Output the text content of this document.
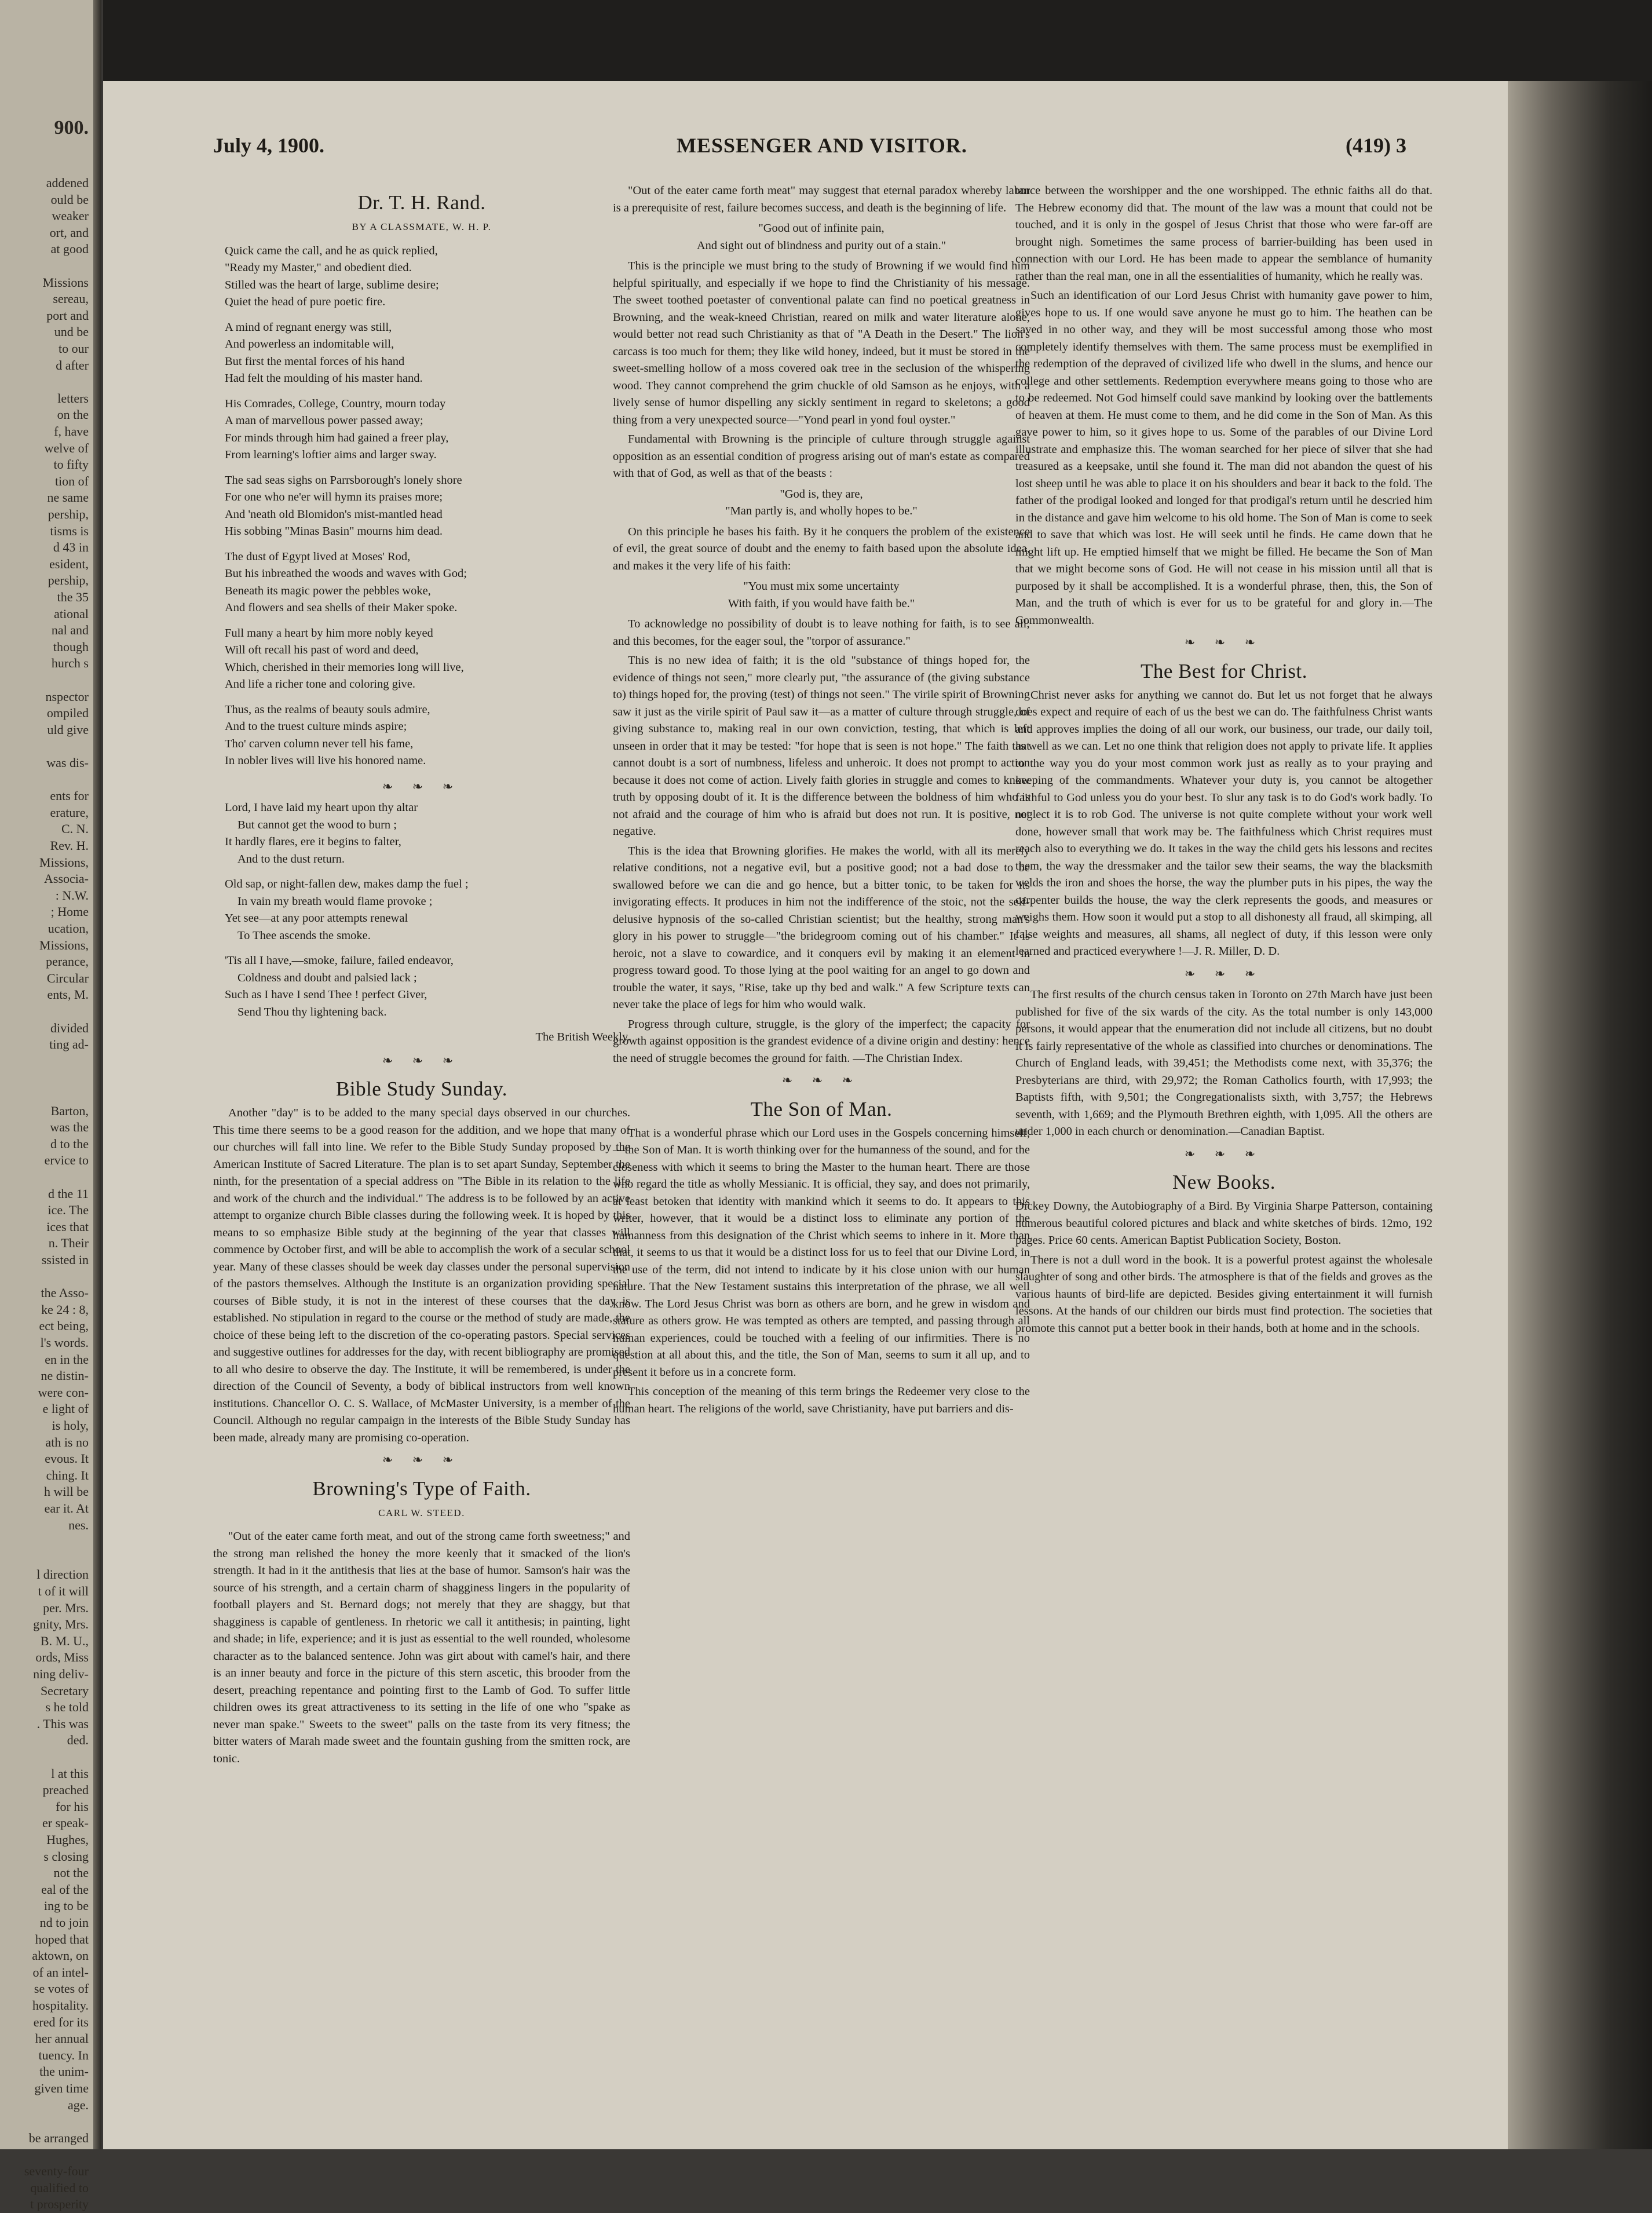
900.
addened
ould be
weaker
ort, and
at good
Missions
sereau,
port and
und be
to our
d after
letters
on the
f, have
welve of
to fifty
tion of
ne same
pership,
tisms is
d 43 in
esident,
pership,
the 35
ational
nal and
though
hurch s
nspector
ompiled
uld give
was dis-
ents for
erature,
C. N.
Rev. H.
Missions,
Associa-
: N.W.
; Home
ucation,
Missions,
perance,
Circular
ents, M.
divided
ting ad-
Barton,
was the
d to the
ervice to
d the 11
ice. The
ices that
n. Their
ssisted in
the Asso-
ke 24 : 8,
ect being,
l's words.
en in the
ne distin-
were con-
e light of
is holy,
ath is no
evous. It
ching. It
h will be
ear it. At
nes.
l direction
t of it will
per. Mrs.
gnity, Mrs.
B. M. U.,
ords, Miss
ning deliv-
Secretary
s he told
. This was
ded.
l at this
preached
for his
er speak-
Hughes,
s closing
not the
eal of the
ing to be
nd to join
hoped that
aktown, on
of an intel-
se votes of
hospitality.
ered for its
her annual
tuency. In
the unim-
given time
age.
be arranged
seventy-four
qualified to
t prosperity
July 4, 1900.	MESSENGER AND VISITOR.	(419) 3
Dr. T. H. Rand.
BY A CLASSMATE, W. H. P.
Quick came the call, and he as quick replied,
"Ready my Master," and obedient died.
Stilled was the heart of large, sublime desire;
Quiet the head of pure poetic fire.
A mind of regnant energy was still,
And powerless an indomitable will,
But first the mental forces of his hand
Had felt the moulding of his master hand.
His Comrades, College, Country, mourn today
A man of marvellous power passed away;
For minds through him had gained a freer play,
From learning's loftier aims and larger sway.
The sad seas sighs on Parrsborough's lonely shore
For one who ne'er will hymn its praises more;
And 'neath old Blomidon's mist-mantled head
His sobbing "Minas Basin" mourns him dead.
The dust of Egypt lived at Moses' Rod,
But his inbreathed the woods and waves with God;
Beneath its magic power the pebbles woke,
And flowers and sea shells of their Maker spoke.
Full many a heart by him more nobly keyed
Will oft recall his past of word and deed,
Which, cherished in their memories long will live,
And life a richer tone and coloring give.
Thus, as the realms of beauty souls admire,
And to the truest culture minds aspire;
Tho' carven column never tell his fame,
In nobler lives will live his honored name.
❧ ❧ ❧
Lord, I have laid my heart upon thy altar
But cannot get the wood to burn ;
It hardly flares, ere it begins to falter,
And to the dust return.
Old sap, or night-fallen dew, makes damp the fuel ;
In vain my breath would flame provoke ;
Yet see—at any poor attempts renewal
To Thee ascends the smoke.
'Tis all I have,—smoke, failure, failed endeavor,
Coldness and doubt and palsied lack ;
Such as I have I send Thee ! perfect Giver,
Send Thou thy lightening back.
The British Weekly.
❧ ❧ ❧
Bible Study Sunday.

Another "day" is to be added to the many special days observed in our churches. This time there seems to be a good reason for the addition, and we hope that many of our churches will fall into line. We refer to the Bible Study Sunday proposed by the American Institute of Sacred Literature. The plan is to set apart Sunday, September the ninth, for the presentation of a special address on "The Bible in its relation to the life and work of the church and the individual." The address is to be followed by an active attempt to organize church Bible classes during the following week. It is hoped by this means to so emphasize Bible study at the beginning of the year that classes will commence by October first, and will be able to accomplish the work of a secular school year. Many of these classes should be week day classes under the personal supervision of the pastors themselves. Although the Institute is an organization providing special courses of Bible study, it is not in the interest of these courses that the day is established. No stipulation in regard to the course or the method of study are made, the choice of these being left to the discretion of the co-operating pastors. Special services and suggestive outlines for addresses for the day, with recent bibliography are promised to all who desire to observe the day. The Institute, it will be remembered, is under the direction of the Council of Seventy, a body of biblical instructors from well known institutions. Chancellor O. C. S. Wallace, of McMaster University, is a member of the Council. Although no regular campaign in the interests of the Bible Study Sunday has been made, already many are promising co-operation.

❧ ❧ ❧
Browning's Type of Faith.
CARL W. STEED.

"Out of the eater came forth meat, and out of the strong came forth sweetness;" and the strong man relished the honey the more keenly that it smacked of the lion's strength. It had in it the antithesis that lies at the base of humor. Samson's hair was the source of his strength, and a certain charm of shagginess lingers in the popularity of football players and St. Bernard dogs; not merely that they are shaggy, but that shagginess is capable of gentleness. In rhetoric we call it antithesis; in painting, light and shade; in life, experience; and it is just as essential to the well rounded, wholesome character as to the balanced sentence. John was girt about with camel's hair, and there is an inner beauty and force in the picture of this stern ascetic, this brooder from the desert, preaching repentance and pointing first to the Lamb of God. To suffer little children owes its great attractiveness to its setting in the life of one who "spake as never man spake." Sweets to the sweet" palls on the taste from its very fitness; the bitter waters of Marah made sweet and the fountain gushing from the smitten rock, are tonic.

"Out of the eater came forth meat" may suggest that eternal paradox whereby labor is a prerequisite of rest, failure becomes success, and death is the beginning of life.

"Good out of infinite pain,
And sight out of blindness and purity out of a stain."

This is the principle we must bring to the study of Browning if we would find him helpful spiritually, and especially if we hope to find the Christianity of his message. The sweet toothed poetaster of conventional palate can find no poetical greatness in Browning, and the weak-kneed Christian, reared on milk and water literature alone, would better not read such Christianity as that of "A Death in the Desert." The lion's carcass is too much for them; they like wild honey, indeed, but it must be stored in the sweet-smelling hollow of a moss covered oak tree in the seclusion of the whispering wood. They cannot comprehend the grim chuckle of old Samson as he enjoys, with a lively sense of humor dispelling any sickly sentiment in regard to skeletons; a good thing from a very unexpected source—"Yond pearl in yond foul oyster."

Fundamental with Browning is the principle of culture through struggle against opposition as an essential condition of progress arising out of man's estate as compared with that of God, as well as that of the beasts :

"God is, they are,
"Man partly is, and wholly hopes to be."

On this principle he bases his faith. By it he conquers the problem of the existence of evil, the great source of doubt and the enemy to faith based upon the absolute idea, and makes it the very life of his faith:

"You must mix some uncertainty
With faith, if you would have faith be."

To acknowledge no possibility of doubt is to leave nothing for faith, is to see all; and this becomes, for the eager soul, the "torpor of assurance."

This is no new idea of faith; it is the old "substance of things hoped for, the evidence of things not seen," more clearly put, "the assurance of (the giving substance to) things hoped for, the proving (test) of things not seen." The virile spirit of Browning saw it just as the virile spirit of Paul saw it—as a matter of culture through struggle, of giving substance to, making real in our own conviction, testing, that which is left unseen in order that it may be tested: "for hope that is seen is not hope." The faith that cannot doubt is a sort of numbness, lifeless and unheroic. It does not prompt to action because it does not come of action. Lively faith glories in struggle and comes to know truth by opposing doubt of it. It is the difference between the boldness of him who is not afraid and the courage of him who is afraid but does not run. It is positive, not negative.

This is the idea that Browning glorifies. He makes the world, with all its merely relative conditions, not a negative evil, but a positive good; not a bad dose to be swallowed before we can die and go hence, but a bitter tonic, to be taken for its invigorating effects. It produces in him not the indifference of the stoic, not the self-delusive hypnosis of the so-called Christian scientist; but the healthy, strong man's glory in his power to struggle—"the bridegroom coming out of his chamber." It is heroic, not a slave to cowardice, and it conquers evil by making it an element in progress toward good. To those lying at the pool waiting for an angel to go down and trouble the water, it says, "Rise, take up thy bed and walk." A few Scripture texts can never take the place of legs for him who would walk.

Progress through culture, struggle, is the glory of the imperfect; the capacity for growth against opposition is the grandest evidence of a divine origin and destiny: hence the need of struggle becomes the ground for faith. —The Christian Index.

❧ ❧ ❧
The Son of Man.

That is a wonderful phrase which our Lord uses in the Gospels concerning himself,—the Son of Man. It is worth thinking over for the humanness of the sound, and for the closeness with which it seems to bring the Master to the human heart. There are those who regard the title as wholly Messianic. It is official, they say, and does not primarily, at least betoken that identity with mankind which it seems to do. It appears to this writer, however, that it would be a distinct loss to eliminate any portion of the humanness from this designation of the Christ which seems to inhere in it. More than that, it seems to us that it would be a distinct loss for us to feel that our Divine Lord, in the use of the term, did not intend to indicate by it his close union with our human nature. That the New Testament sustains this interpretation of the phrase, we all well know. The Lord Jesus Christ was born as others are born, and he grew in wisdom and stature as others grow. He was tempted as others are tempted, and passing through all human experiences, could be touched with a feeling of our infirmities. There is no question at all about this, and the title, the Son of Man, seems to sum it all up, and to present it before us in a concrete form.

This conception of the meaning of this term brings the Redeemer very close to the human heart. The religions of the world, save Christianity, have put barriers and dis-

tance between the worshipper and the one worshipped. The ethnic faiths all do that. The Hebrew economy did that. The mount of the law was a mount that could not be touched, and it is only in the gospel of Jesus Christ that those who were far-off are brought nigh. Sometimes the same process of barrier-building has been used in connection with our Lord. He has been made to appear the semblance of humanity rather than the real man, one in all the essentialities of humanity, which he really was.

Such an identification of our Lord Jesus Christ with humanity gave power to him, gives hope to us. If one would save anyone he must go to him. The heathen can be saved in no other way, and they will be most successful among those who most completely identify themselves with them. The same process must be exemplified in the redemption of the depraved of civilized life who dwell in the slums, and hence our college and other settlements. Redemption everywhere means going to those who are to be redeemed. Not God himself could save mankind by looking over the battlements of heaven at them. He must come to them, and he did come in the Son of Man. As this gave power to him, so it gives hope to us. Some of the parables of our Divine Lord illustrate and emphasize this. The woman searched for her piece of silver that she had treasured as a keepsake, until she found it. The man did not abandon the quest of his lost sheep until he was able to place it on his shoulders and bear it back to the fold. The father of the prodigal looked and longed for that prodigal's return until he descried him in the distance and gave him welcome to his old home. The Son of Man is come to seek and to save that which was lost. He will seek until he finds. He came down that he might lift up. He emptied himself that we might be filled. He became the Son of Man that we might become sons of God. He will not cease in his mission until all that is purposed by it shall be accomplished. It is a wonderful phrase, then, this, the Son of Man, and the truth of which is ever for us to be grateful for and glory in.—The Commonwealth.

❧ ❧ ❧
The Best for Christ.

Christ never asks for anything we cannot do. But let us not forget that he always does expect and require of each of us the best we can do. The faithfulness Christ wants and approves implies the doing of all our work, our business, our trade, our daily toil, as well as we can. Let no one think that religion does not apply to private life. It applies to the way you do your most common work just as really as to your praying and keeping of the commandments. Whatever your duty is, you cannot be altogether faithful to God unless you do your best. To slur any task is to do God's work badly. To neglect it is to rob God. The universe is not quite complete without your work well done, however small that work may be. The faithfulness which Christ requires must reach also to everything we do. It takes in the way the child gets his lessons and recites them, the way the dressmaker and the tailor sew their seams, the way the blacksmith welds the iron and shoes the horse, the way the plumber puts in his pipes, the way the carpenter builds the house, the way the clerk represents the goods, and measures or weighs them. How soon it would put a stop to all dishonesty all fraud, all skimping, all false weights and measures, all shams, all neglect of duty, if this lesson were only learned and practiced everywhere !—J. R. Miller, D. D.

❧ ❧ ❧

The first results of the church census taken in Toronto on 27th March have just been published for five of the six wards of the city. As the total number is only 143,000 persons, it would appear that the enumeration did not include all citizens, but no doubt it is fairly representative of the whole as classified into churches or denominations. The Church of England leads, with 39,451; the Methodists come next, with 35,376; the Presbyterians are third, with 29,972; the Roman Catholics fourth, with 17,993; the Baptists fifth, with 9,501; the Congregationalists sixth, with 3,757; the Hebrews seventh, with 1,669; and the Plymouth Brethren eighth, with 1,095. All the others are under 1,000 in each church or denomination.—Canadian Baptist.

❧ ❧ ❧
New Books.

Dickey Downy, the Autobiography of a Bird. By Virginia Sharpe Patterson, containing numerous beautiful colored pictures and black and white sketches of birds. 12mo, 192 pages. Price 60 cents. American Baptist Publication Society, Boston.

There is not a dull word in the book. It is a powerful protest against the wholesale slaughter of song and other birds. The atmosphere is that of the fields and groves as the various haunts of bird-life are depicted. Besides giving entertainment it will furnish lessons. At the hands of our children our birds must find protection. The societies that promote this cannot put a better book in their hands, both at home and in the schools.
